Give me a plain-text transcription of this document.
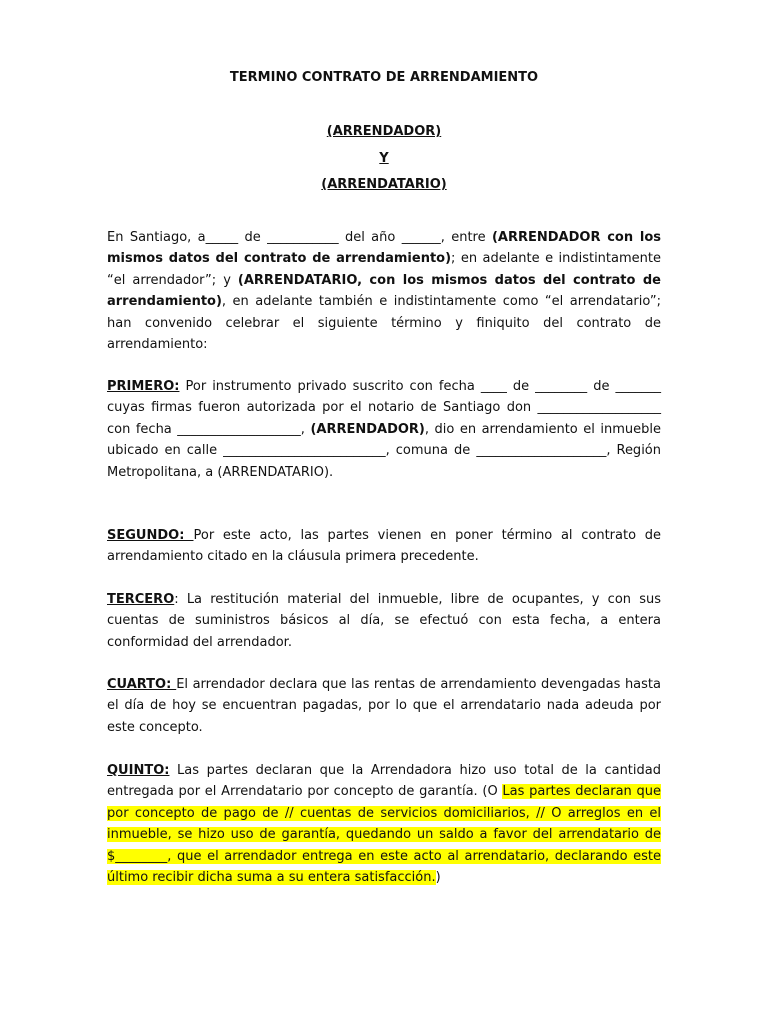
TERMINO CONTRATO DE ARRENDAMIENTO

(ARRENDADOR)

Y

(ARRENDATARIO)

En Santiago, a_____ de ___________ del año ______, entre (ARRENDADOR con los mismos datos del contrato de arrendamiento); en adelante e indistintamente “el arrendador”; y (ARRENDATARIO, con los mismos datos del contrato de arrendamiento), en adelante también e indistintamente como “el arrendatario”; han convenido celebrar el siguiente término y finiquito del contrato de arrendamiento:

PRIMERO: Por instrumento privado suscrito con fecha ____ de ________ de _______ cuyas firmas fueron autorizada por el notario de Santiago don ___________________ con fecha ___________________, (ARRENDADOR), dio en arrendamiento el inmueble ubicado en calle _________________________, comuna de ____________________, Región Metropolitana, a (ARRENDATARIO).

SEGUNDO: Por este acto, las partes vienen en poner término al contrato de arrendamiento citado en la cláusula primera precedente.

TERCERO: La restitución material del inmueble, libre de ocupantes, y con sus cuentas de suministros básicos al día, se efectuó con esta fecha, a entera conformidad del arrendador.

CUARTO: El arrendador declara que las rentas de arrendamiento devengadas hasta el día de hoy se encuentran pagadas, por lo que el arrendatario nada adeuda por este concepto.

QUINTO: Las partes declaran que la Arrendadora hizo uso total de la cantidad entregada por el Arrendatario por concepto de garantía. (O Las partes declaran que por concepto de pago de // cuentas de servicios domiciliarios, // O arreglos en el inmueble, se hizo uso de garantía, quedando un saldo a favor del arrendatario de $________, que el arrendador entrega en este acto al arrendatario, declarando este último recibir dicha suma a su entera satisfacción.)
